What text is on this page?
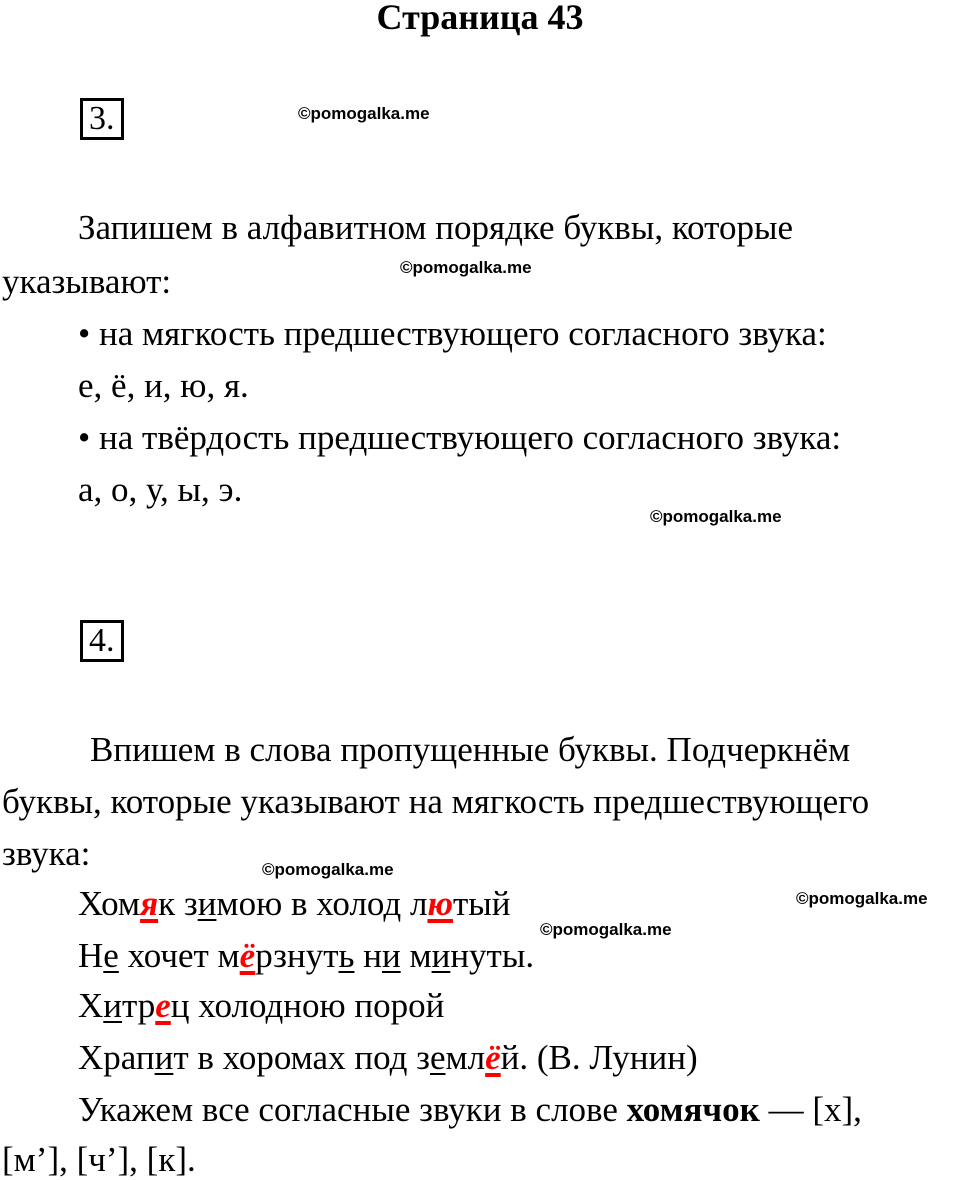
Страница 43
3.	©pomogalka.me
Запишем в алфавитном порядке буквы, которые
указывают:	©pomogalka.me
• на мягкость предшествующего согласного звука:
е, ё, и, ю, я.
• на твёрдость предшествующего согласного звука:
а, о, у, ы, э.
©pomogalka.me
4.
Впишем в слова пропущенные буквы. Подчеркнём
буквы, которые указывают на мягкость предшествующего
звука:	©pomogalka.me
Хомяк зимою в холод лютый	©pomogalka.me
©pomogalka.me
Не хочет мёрзнуть ни минуты.
Хитрец холодною порой
Храпит в хоромах под землёй. (В. Лунин)
Укажем все согласные звуки в слове хомячок — [х],
[м’], [ч’], [к].
